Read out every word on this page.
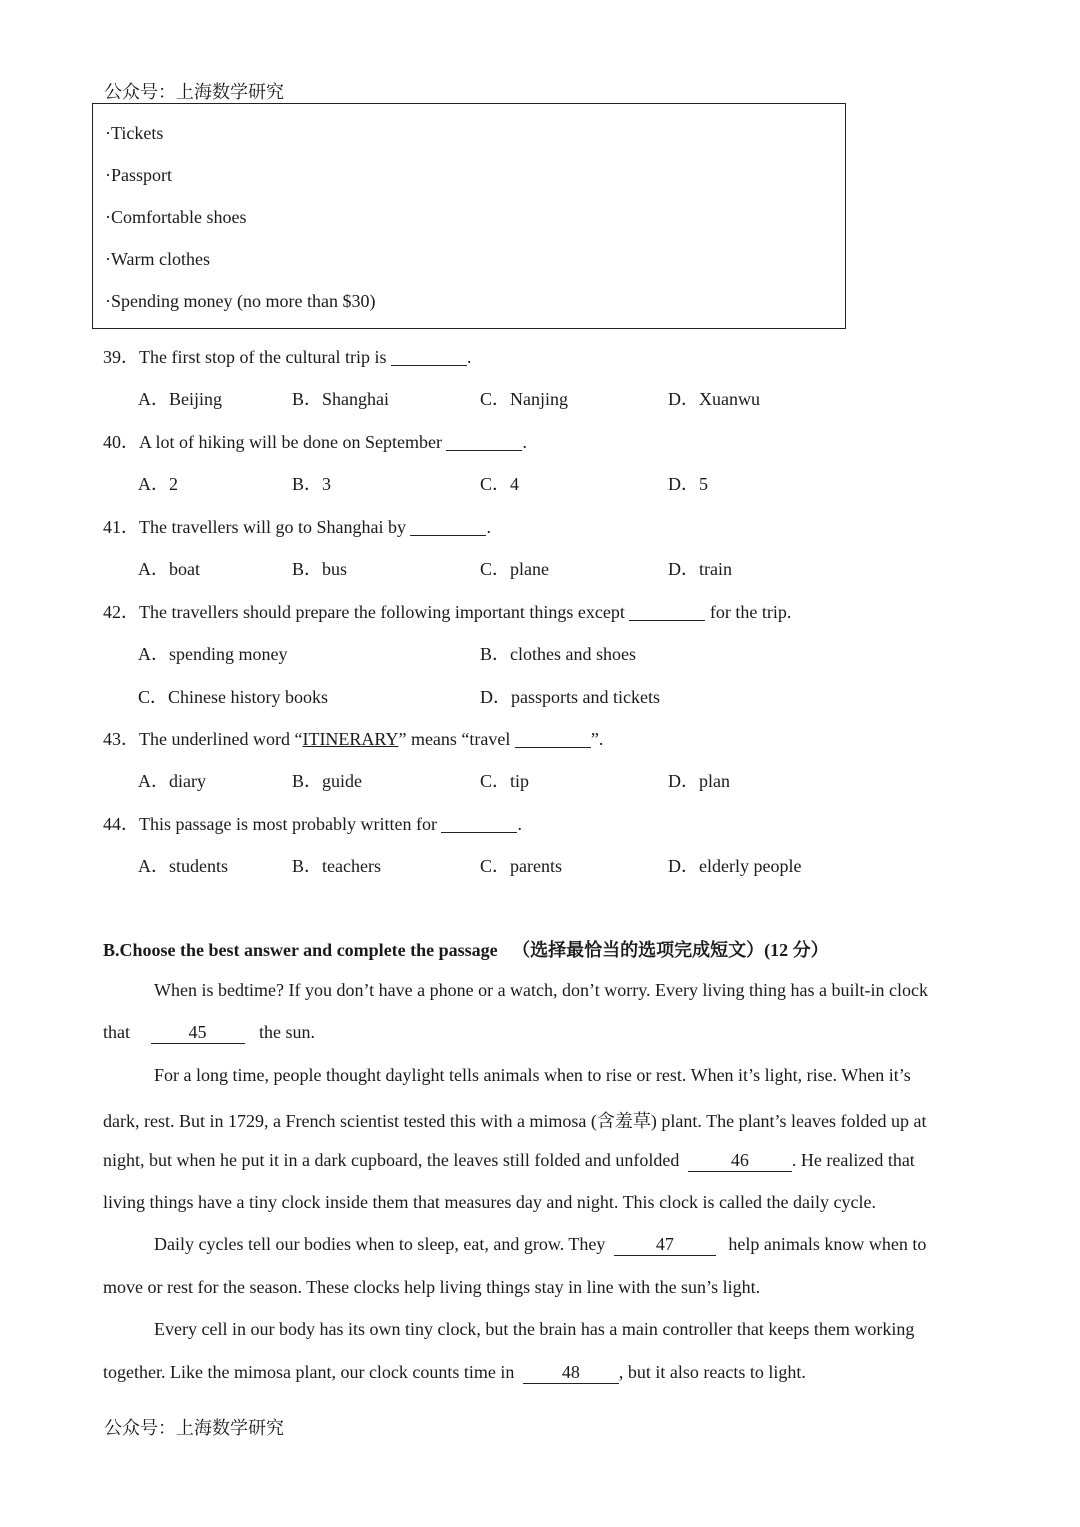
公众号：上海数学研究
·Tickets
·Passport
·Comfortable shoes
·Warm clothes
·Spending money (no more than $30)
39．The first stop of the cultural trip is	.
A．Beijing	B．Shanghai	C．Nanjing	D．Xuanwu
40．A lot of hiking will be done on September	.
A．2	B．3	C．4	D．5
41．The travellers will go to Shanghai by	.
A．boat	B．bus	C．plane	D．train
42．The travellers should prepare the following important things except	for the trip.
A．spending money	B．clothes and shoes
C．Chinese history books	D．passports and tickets
43．The underlined word “ITINERARY” means “travel	”.
A．diary	B．guide	C．tip	D．plan
44．This passage is most probably written for	.
A．students	B．teachers	C．parents	D．elderly people
B.Choose the best answer and complete the passage （选择最恰当的选项完成短文）(12 分）
When is bedtime? If you don’t have a phone or a watch, don’t worry. Every living thing has a built-in clock
that	45	the sun.
For a long time, people thought daylight tells animals when to rise or rest. When it’s light, rise. When it’s
dark, rest. But in 1729, a French scientist tested this with a mimosa (含羞草) plant. The plant’s leaves folded up at
night, but when he put it in a dark cupboard, the leaves still folded and unfolded	46 . He realized that
living things have a tiny clock inside them that measures day and night. This clock is called the daily cycle.
Daily cycles tell our bodies when to sleep, eat, and grow. They	47	help animals know when to
move or rest for the season. These clocks help living things stay in line with the sun’s light.
Every cell in our body has its own tiny clock, but the brain has a main controller that keeps them working
together. Like the mimosa plant, our clock counts time in 48 , but it also reacts to light.
公众号：上海数学研究
